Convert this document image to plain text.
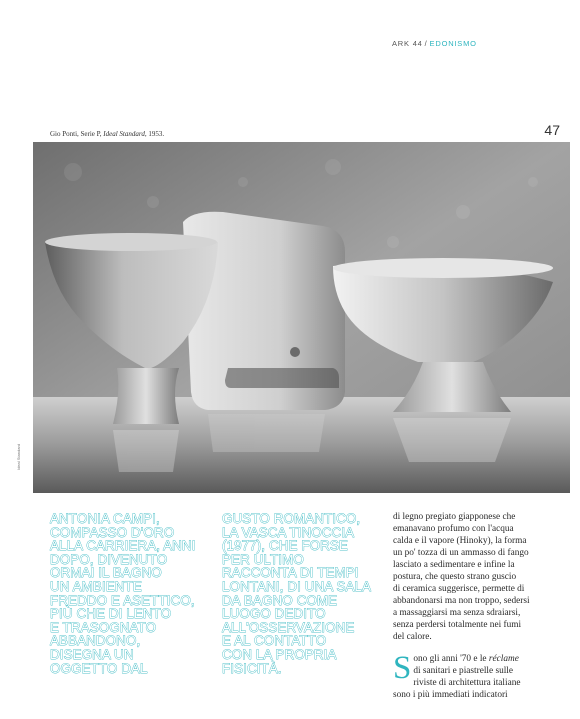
ARK 44 / EDONISMO
47
Gio Ponti, Serie P, Ideal Standard, 1953.
Ideal Standard
ANTONIA CAMPI,
COMPASSO D'ORO
ALLA CARRIERA, ANNI
DOPO, DIVENUTO
ORMAI IL BAGNO
UN AMBIENTE
FREDDO E ASETTICO,
PIÙ CHE DI LENTO
E TRASOGNATO
ABBANDONO,
DISEGNA UN
OGGETTO DAL
GUSTO ROMANTICO,
LA VASCA TINOCCIA
(1977), CHE FORSE
PER ULTIMO
RACCONTA DI TEMPI
LONTANI, DI UNA SALA
DA BAGNO COME
LUOGO DEDITO
ALL'OSSERVAZIONE
E AL CONTATTO
CON LA PROPRIA
FISICITÀ.
di legno pregiato giapponese che
emanavano profumo con l'acqua
calda e il vapore (Hinoky), la forma
un po' tozza di un ammasso di fango
lasciato a sedimentare e infine la
postura, che questo strano guscio
di ceramica suggerisce, permette di
abbandonarsi ma non troppo, sedersi
a massaggiarsi ma senza sdraiarsi,
senza perdersi totalmente nei fumi
del calore.
S ono gli anni '70 e le réclame
di sanitari e piastrelle sulle
riviste di architettura italiane
sono i più immediati indicatori
